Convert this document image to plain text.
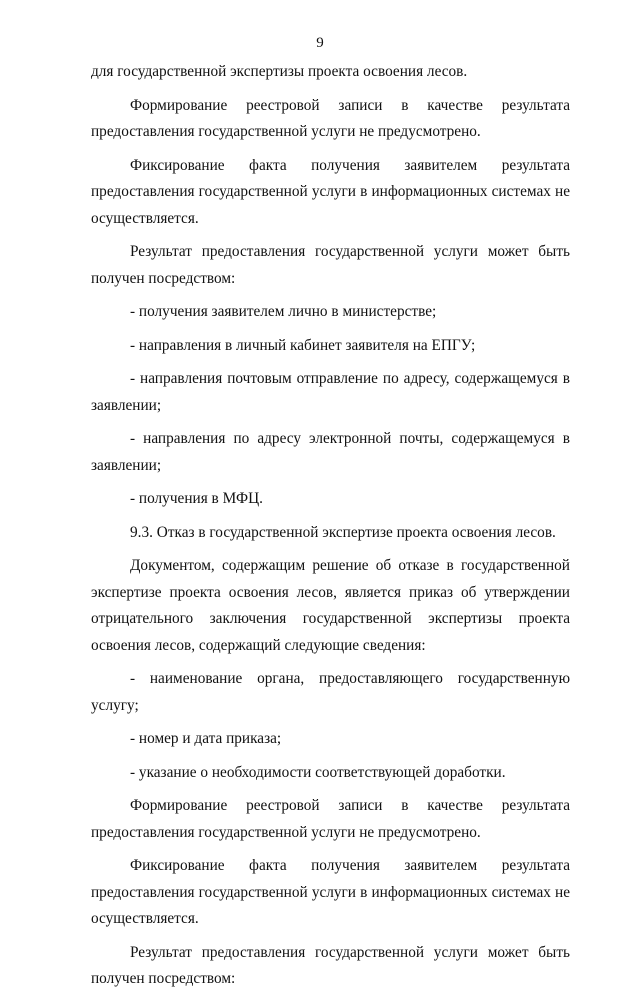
9

для государственной экспертизы проекта освоения лесов.

Формирование реестровой записи в качестве результата предоставления государственной услуги не предусмотрено.

Фиксирование факта получения заявителем результата предоставления государственной услуги в информационных системах не осуществляется.

Результат предоставления государственной услуги может быть получен посредством:

- получения заявителем лично в министерстве;

- направления в личный кабинет заявителя на ЕПГУ;

- направления почтовым отправление по адресу, содержащемуся в заявлении;

- направления по адресу электронной почты, содержащемуся в заявлении;

- получения в МФЦ.

9.3. Отказ в государственной экспертизе проекта освоения лесов.

Документом, содержащим решение об отказе в государственной экспертизе проекта освоения лесов, является приказ об утверждении отрицательного заключения государственной экспертизы проекта освоения лесов, содержащий следующие сведения:

- наименование органа, предоставляющего государственную услугу;

- номер и дата приказа;

- указание о необходимости соответствующей доработки.

Формирование реестровой записи в качестве результата предоставления государственной услуги не предусмотрено.

Фиксирование факта получения заявителем результата предоставления государственной услуги в информационных системах не осуществляется.

Результат предоставления государственной услуги может быть получен посредством:
